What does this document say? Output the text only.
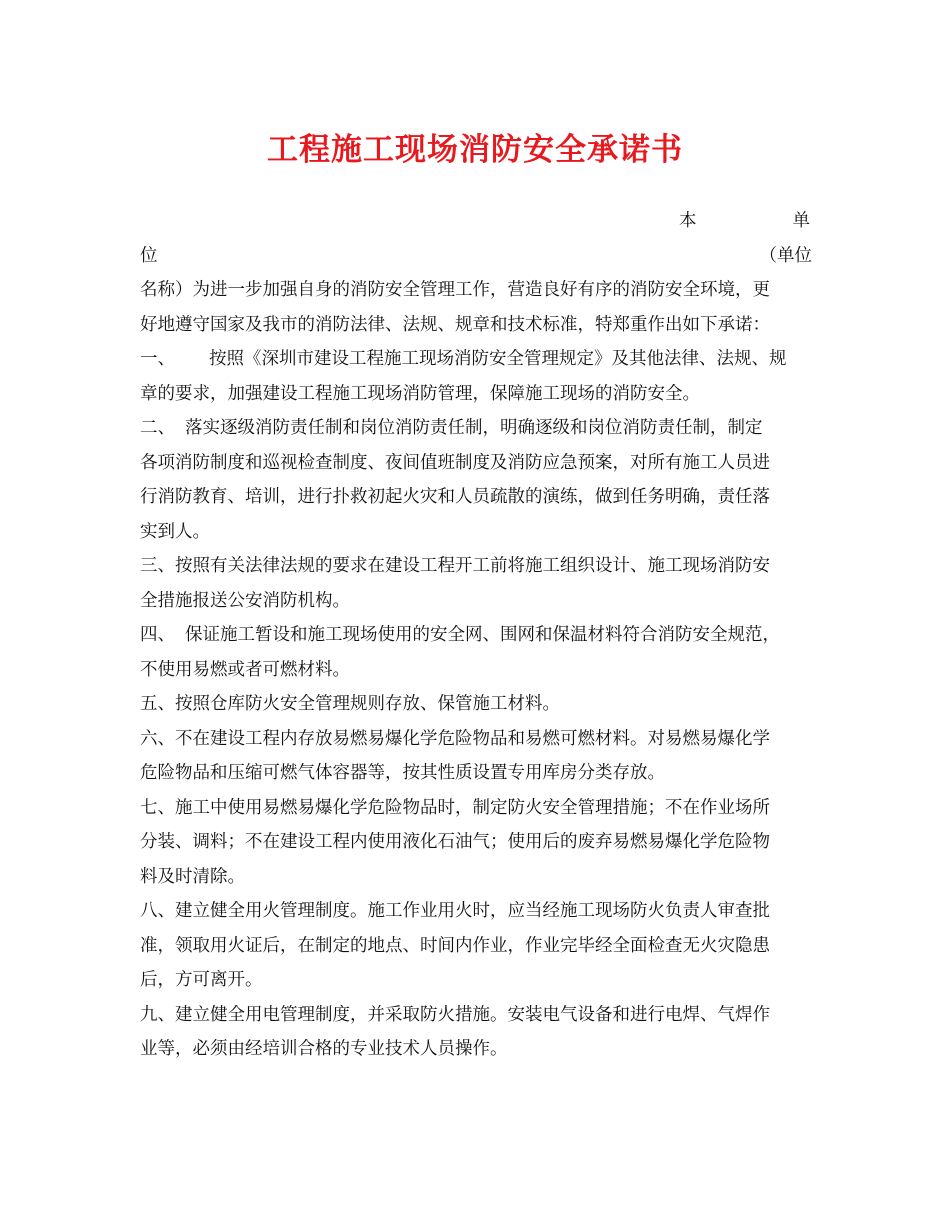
工程施工现场消防安全承诺书
本	单
位	（单位
名称）为进一步加强自身的消防安全管理工作，营造良好有序的消防安全环境，更
好地遵守国家及我市的消防法律、法规、规章和技术标准，特郑重作出如下承诺：
一、 按照《深圳市建设工程施工现场消防安全管理规定》及其他法律、法规、规
章的要求，加强建设工程施工现场消防管理，保障施工现场的消防安全。
二、 落实逐级消防责任制和岗位消防责任制，明确逐级和岗位消防责任制，制定
各项消防制度和巡视检查制度、夜间值班制度及消防应急预案，对所有施工人员进
行消防教育、培训，进行扑救初起火灾和人员疏散的演练，做到任务明确，责任落
实到人。
三、按照有关法律法规的要求在建设工程开工前将施工组织设计、施工现场消防安
全措施报送公安消防机构。
四、 保证施工暂设和施工现场使用的安全网、围网和保温材料符合消防安全规范，
不使用易燃或者可燃材料。
五、按照仓库防火安全管理规则存放、保管施工材料。
六、不在建设工程内存放易燃易爆化学危险物品和易燃可燃材料。对易燃易爆化学
危险物品和压缩可燃气体容器等，按其性质设置专用库房分类存放。
七、施工中使用易燃易爆化学危险物品时，制定防火安全管理措施；不在作业场所
分装、调料；不在建设工程内使用液化石油气；使用后的废弃易燃易爆化学危险物
料及时清除。
八、建立健全用火管理制度。施工作业用火时，应当经施工现场防火负责人审查批
准，领取用火证后，在制定的地点、时间内作业，作业完毕经全面检查无火灾隐患
后，方可离开。
九、建立健全用电管理制度，并采取防火措施。安装电气设备和进行电焊、气焊作
业等，必须由经培训合格的专业技术人员操作。
